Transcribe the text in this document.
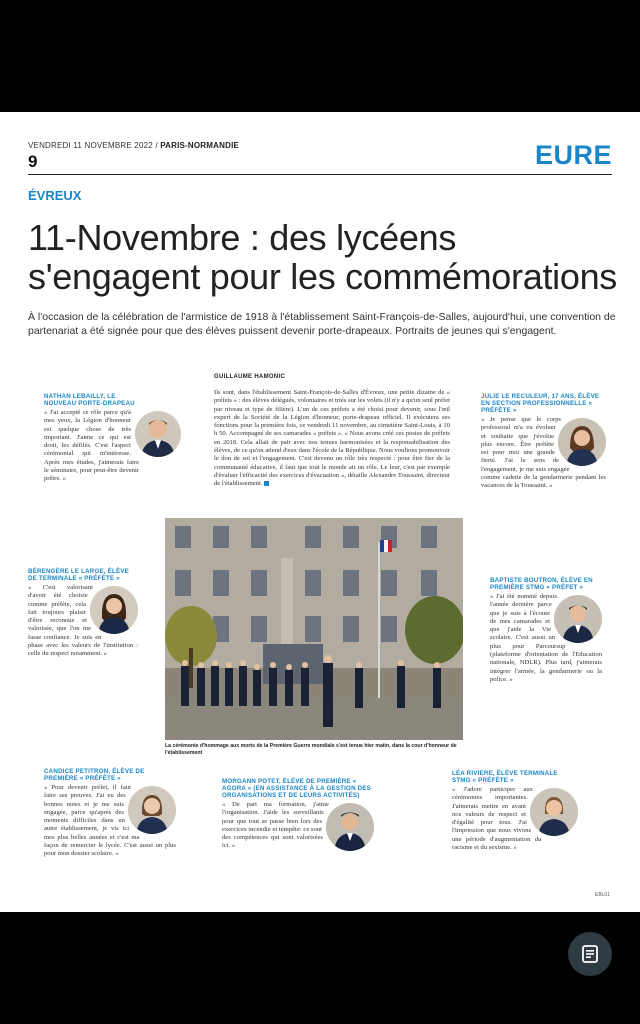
VENDREDI 11 NOVEMBRE 2022 / PARIS-NORMANDIE
9	EURE
ÉVREUX
11-Novembre : des lycéens s'engagent pour les commémorations

À l'occasion de la célébration de l'armistice de 1918 à l'établissement Saint-François-de-Salles, aujourd'hui, une convention de partenariat a été signée pour que des élèves puissent devenir porte-drapeaux. Portraits de jeunes qui s'engagent.

GUILLAUME HAMONIC
Ils sont, dans l'établissement Saint-François-de-Salles d'Évreux, une petite dizaine de « préfets » : des élèves délégués, volontaires et triés sur les volets (il n'y a qu'un seul préfet par niveau et type de filière). L'un de ces préfets a été choisi pour devenir, sous l'œil expert de la Société de la Légion d'honneur, porte-drapeau officiel. Il exécutera ses fonctions pour la première fois, ce vendredi 11 novembre, au cimetière Saint-Louis, à 10 h 50. Accompagné de ses camarades « préfets ». « Nous avons créé ces postes de préfets en 2018. Cela allait de pair avec nos tenues harmonisées et la responsabilisation des élèves, de ce qu'on attend d'eux dans l'école de la République. Nous voulions promouvoir le don de soi et l'engagement. C'est devenu un rôle très respecté : pour être fier de la communauté éducative, il faut que tout le monde ait un rôle. Le leur, c'est par exemple d'évaluer l'efficacité des exercices d'évacuation », détaille Alexandre Toussaint, directeur de l'établissement.
NATHAN LEBAILLY, LE NOUVEAU PORTE-DRAPEAU
« J'ai accepté ce rôle parce qu'à mes yeux, la Légion d'honneur est quelque chose de très important. J'aime ce qui est droit, les défilés. C'est l'aspect cérémonial qui m'intéresse. Après mes études, j'aimerais faire le séminaire, pour peut-être devenir prêtre. »
JULIE LE RECULEUR, 17 ANS, ÉLÈVE EN SECTION PROFESSIONNELLE « PRÉFÈTE »
« Je pense que le corps professoral m'a vu évoluer et souhaite que j'évolue plus encore. Être préfète est pour moi une grande fierté. J'ai le sens de l'engagement, je me suis engagée comme cadette de la gendarmerie pendant les vacances de la Toussaint. »
BÉRENGÈRE LE LARGE, ÉLÈVE DE TERMINALE « PRÉFÈTE »
« C'est valorisant d'avoir été choisie comme préfète, cela fait toujours plaisir d'être reconnue et valorisée, que l'on me fasse confiance. Je suis en phase avec les valeurs de l'institution : celle du respect notamment. »
BAPTISTE BOUTRON, ÉLÈVE EN PREMIÈRE STMG « PRÉFET »
« J'ai été nommé depuis l'année dernière parce que je suis à l'écoute de mes camarades et que j'aide la Vie scolaire. C'est aussi un plus pour Parcoursup (plateforme d'orientation de l'Education nationale, NDLR). Plus tard, j'aimerais intégrer l'armée, la gendarmerie ou la police. »
CANDICE PETITRON, ÉLÈVE DE PREMIÈRE « PRÉFÈTE »
« Pour devenir préfet, il faut faire ses preuves. J'ai eu des bonnes notes et je me suis engagée, parce qu'après des moments difficiles dans un autre établissement, je vis ici mes plus belles années et c'est ma façon de remercier le lycée. C'est aussi un plus pour mon dossier scolaire. »
MORGANN POTET, ÉLÈVE DE PREMIÈRE « AGORA » (EN ASSISTANCE À LA GESTION DES ORGANISATIONS ET DE LEURS ACTIVITÉS)
« De part ma formation, j'aime l'organisation. J'aide les surveillants pour que tout se passe bien lors des exercices incendie et tempête: ce sont des compétences qui sont valorisées ici. »
LÉA RIVIERE, ÉLÈVE TERMINALE STMG « PRÉFÈTE »
« J'adore participer aux cérémonies importantes. J'aimerais mettre en avant nos valeurs de respect et d'égalité pour tous. J'ai l'impression que nous vivons une période d'augmentation du racisme et du sexisme. »
La cérémonie d'hommage aux morts de la Première Guerre mondiale s'est tenue hier matin, dans la cour d'honneur de l'établissement
EBL01
